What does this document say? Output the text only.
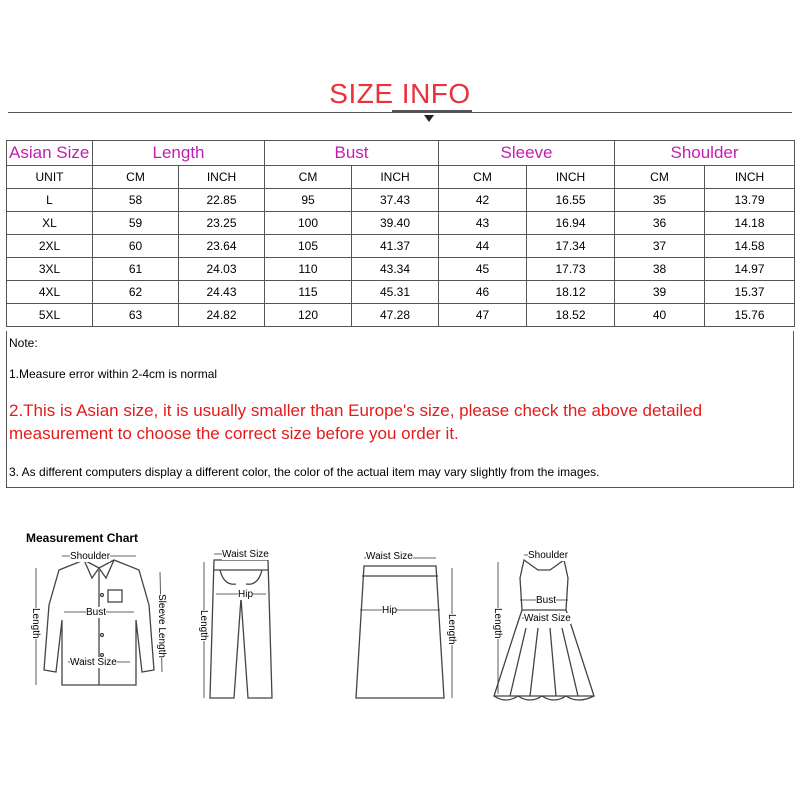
SIZE INFO
Asian Size	Length		Bust		Sleeve		Shoulder	
UNIT	CM	INCH	CM	INCH	CM	INCH	CM	INCH
L	58	22.85	95	37.43	42	16.55	35	13.79
XL	59	23.25	100	39.40	43	16.94	36	14.18
2XL	60	23.64	105	41.37	44	17.34	37	14.58
3XL	61	24.03	110	43.34	45	17.73	38	14.97
4XL	62	24.43	115	45.31	46	18.12	39	15.37
5XL	63	24.82	120	47.28	47	18.52	40	15.76
Note:
1.Measure error within 2-4cm is normal
2.This is Asian size, it is usually smaller than Europe's size, please check the above detailed measurement to choose the correct size before you order it.
3. As different computers display a different color, the color of the actual item may vary slightly from the images.
Measurement Chart
Shoulder
Bust
Waist Size
Length	Sleeve Length
Waist Size
Hip
Length
Waist Size
Hip
Length
Shoulder
Bust
Waist Size
Length
